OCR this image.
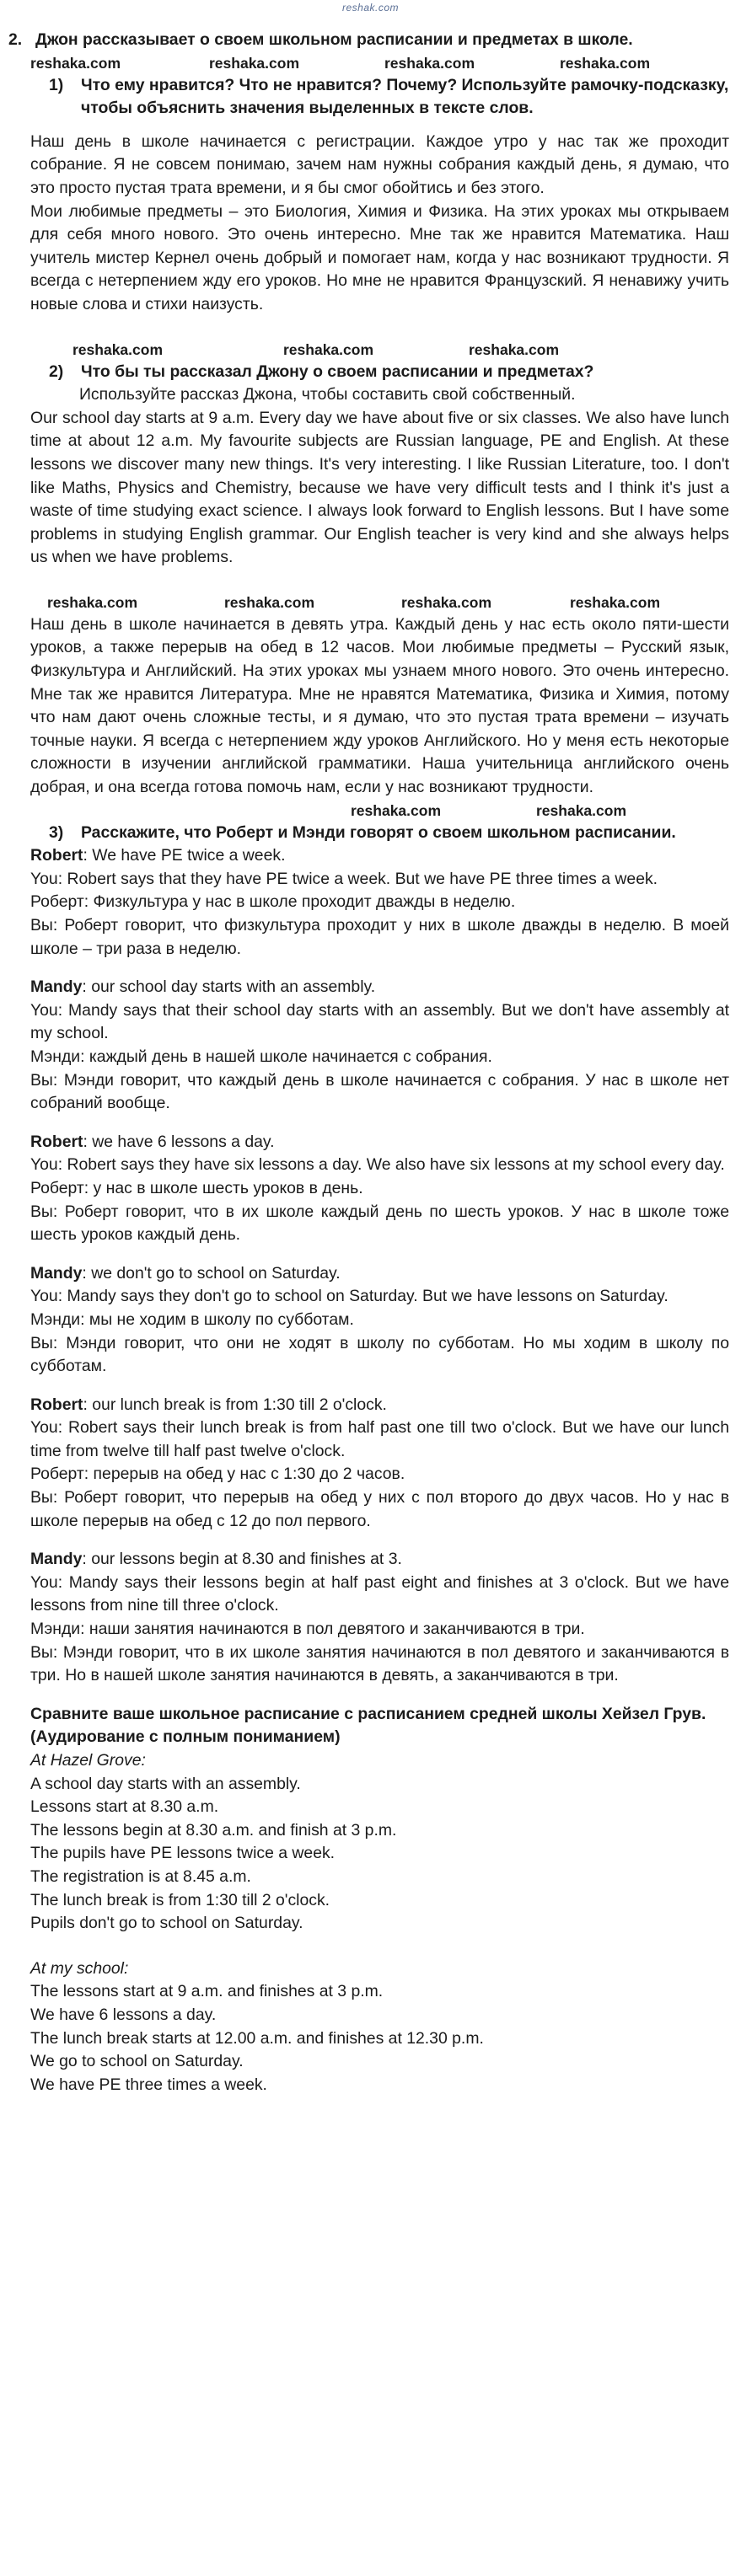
reshak.com
2. Джон рассказывает о своем школьном расписании и предметах в школе.
reshaka.com	reshaka.com	reshaka.com	reshaka.com
1) Что ему нравится? Что не нравится? Почему? Используйте рамочку-подсказку, чтобы объяснить значения выделенных в тексте слов.

Наш день в школе начинается с регистрации. Каждое утро у нас так же проходит собрание. Я не совсем понимаю, зачем нам нужны собрания каждый день, я думаю, что это просто пустая трата времени, и я бы смог обойтись и без этого.

Мои любимые предметы – это Биология, Химия и Физика. На этих уроках мы открываем для себя много нового. Это очень интересно. Мне так же нравится Математика. Наш учитель мистер Кернел очень добрый и помогает нам, когда у нас возникают трудности. Я всегда с нетерпением жду его уроков. Но мне не нравится Французский. Я ненавижу учить новые слова и стихи наизусть.

reshaka.com	reshaka.com	reshaka.com
2) Что бы ты рассказал Джону о своем расписании и предметах?

Используйте рассказ Джона, чтобы составить свой собственный.

Our school day starts at 9 a.m. Every day we have about five or six classes. We also have lunch time at about 12 a.m. My favourite subjects are Russian language, PE and English. At these lessons we discover many new things. It's very interesting. I like Russian Literature, too. I don't like Maths, Physics and Chemistry, because we have very difficult tests and I think it's just a waste of time studying exact science. I always look forward to English lessons. But I have some problems in studying English grammar. Our English teacher is very kind and she always helps us when we have problems.

reshaka.com	reshaka.com	reshaka.com	reshaka.com

Наш день в школе начинается в девять утра. Каждый день у нас есть около пяти-шести уроков, а также перерыв на обед в 12 часов. Мои любимые предметы – Русский язык, Физкультура и Английский. На этих уроках мы узнаем много нового. Это очень интересно. Мне так же нравится Литература. Мне не нравятся Математика, Физика и Химия, потому что нам дают очень сложные тесты, и я думаю, что это пустая трата времени – изучать точные науки. Я всегда с нетерпением жду уроков Английского. Но у меня есть некоторые сложности в изучении английской грамматики. Наша учительница английского очень добрая, и она всегда готова помочь нам, если у нас возникают трудности.

reshaka.com	reshaka.com
3) Расскажите, что Роберт и Мэнди говорят о своем школьном расписании.

Robert: We have PE twice a week.

You: Robert says that they have PE twice a week. But we have PE three times a week.

Роберт: Физкультура у нас в школе проходит дважды в неделю.

Вы: Роберт говорит, что физкультура проходит у них в школе дважды в неделю. В моей школе – три раза в неделю.

Mandy: our school day starts with an assembly.

You: Mandy says that their school day starts with an assembly. But we don't have assembly at my school.

Мэнди: каждый день в нашей школе начинается с собрания.

Вы: Мэнди говорит, что каждый день в школе начинается с собрания. У нас в школе нет собраний вообще.

Robert: we have 6 lessons a day.

You: Robert says they have six lessons a day. We also have six lessons at my school every day.

Роберт: у нас в школе шесть уроков в день.

Вы: Роберт говорит, что в их школе каждый день по шесть уроков. У нас в школе тоже шесть уроков каждый день.

Mandy: we don't go to school on Saturday.

You: Mandy says they don't go to school on Saturday. But we have lessons on Saturday.

Мэнди: мы не ходим в школу по субботам.

Вы: Мэнди говорит, что они не ходят в школу по субботам. Но мы ходим в школу по субботам.

Robert: our lunch break is from 1:30 till 2 o'clock.

You: Robert says their lunch break is from half past one till two o'clock. But we have our lunch time from twelve till half past twelve o'clock.

Роберт: перерыв на обед у нас с 1:30 до 2 часов.

Вы: Роберт говорит, что перерыв на обед у них с пол второго до двух часов. Но у нас в школе перерыв на обед с 12 до пол первого.

Mandy: our lessons begin at 8.30 and finishes at 3.

You: Mandy says their lessons begin at half past eight and finishes at 3 o'clock. But we have lessons from nine till three o'clock.

Мэнди: наши занятия начинаются в пол девятого и заканчиваются в три.

Вы: Мэнди говорит, что в их школе занятия начинаются в пол девятого и заканчиваются в три. Но в нашей школе занятия начинаются в девять, а заканчиваются в три.

Сравните ваше школьное расписание с расписанием средней школы Хейзел Грув. (Аудирование с полным пониманием)
At Hazel Grove:

A school day starts with an assembly.

Lessons start at 8.30 a.m.

The lessons begin at 8.30 a.m. and finish at 3 p.m.

The pupils have PE lessons twice a week.

The registration is at 8.45 a.m.

The lunch break is from 1:30 till 2 o'clock.

Pupils don't go to school on Saturday.

At my school:

The lessons start at 9 a.m. and finishes at 3 p.m.

We have 6 lessons a day.

The lunch break starts at 12.00 a.m. and finishes at 12.30 p.m.

We go to school on Saturday.

We have PE three times a week.
